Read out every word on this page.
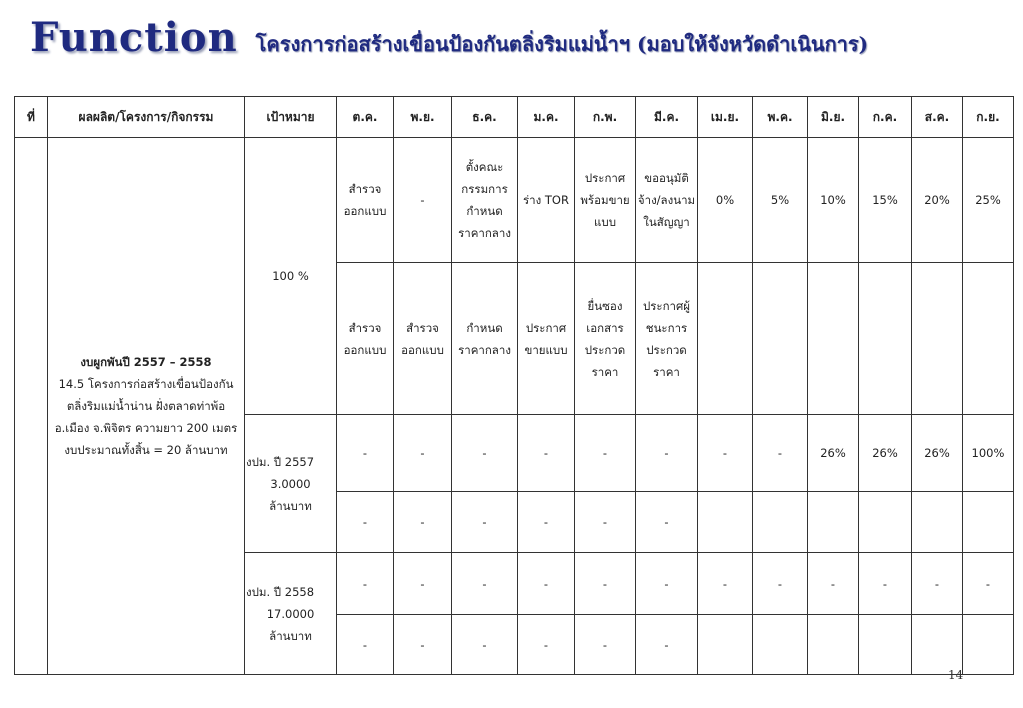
Function โครงการก่อสร้างเขื่อนป้องกันตลิ่งริมแม่น้ำฯ (มอบให้จังหวัดดำเนินการ)
ที่	ผลผลิต/โครงการ/กิจกรรม	เป้าหมาย	ต.ค.	พ.ย.	ธ.ค.	ม.ค.	ก.พ.	มี.ค.	เม.ย.	พ.ค.	มิ.ย.	ก.ค.	ส.ค.	ก.ย.

	งบผูกพันปี 2557 – 2558
14.5 โครงการก่อสร้างเขื่อนป้องกันตลิ่งริมแม่น้ำน่าน ฝั่งตลาดท่าพ้อ อ.เมือง จ.พิจิตร ความยาว 200 เมตร
งบประมาณทั้งสิ้น = 20 ล้านบาท	100 %	สำรวจออกแบบ	-	ตั้งคณะกรรมการกำหนดราคากลาง	ร่าง TOR	ประกาศพร้อมขายแบบ	ขออนุมัติจ้าง/ลงนามในสัญญา	0%	5%	10%	15%	20%	25%
			สำรวจออกแบบ	สำรวจออกแบบ	กำหนดราคากลาง	ประกาศขายแบบ	ยื่นซองเอกสารประกวดราคา	ประกาศผู้ชนะการประกวดราคา						

		งปม. ปี 2557
3.0000
ล้านบาท	-	-	-	-	-	-	-	-	26%	26%	26%	100%
			-	-	-	-	-	-						

		งปม. ปี 2558
17.0000
ล้านบาท	-	-	-	-	-	-	-	-	-	-	-	-
			-	-	-	-	-	-						
14
